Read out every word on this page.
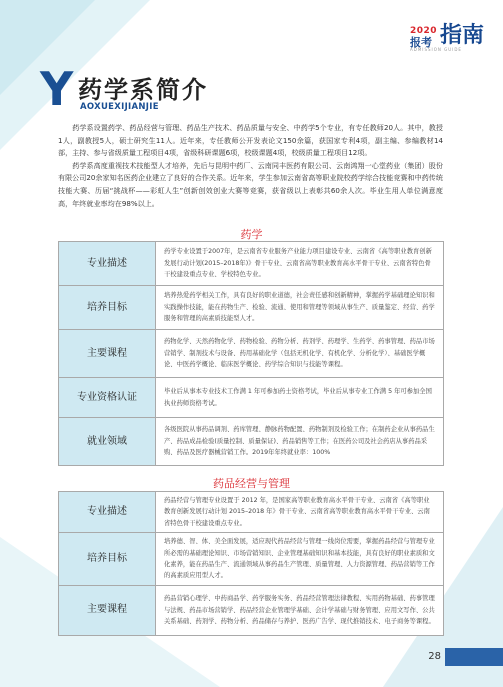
2020
报考 指南
ADMISSION GUIDE
Y 药学系简介
AOXUEXIJIANJIE

药学系设置药学、药品经营与管理、药品生产技术、药品质量与安全、中药学5个专业，有专任教师20人。其中，教授1人，副教授5人，硕士研究生11人。近年来，专任教师公开发表论文150余篇，获国家专利4项，副主编、参编教材14部，主持、参与省级质量工程项目4项，省级科研课题6项，校级课题4项，校级质量工程项目12项。

药学系高度重视技术技能型人才培养，先后与昆明中药厂、云南同丰医药有限公司、云南鸿翔一心堂药业（集团）股份有限公司20余家知名医药企业建立了良好的合作关系。近年来，学生参加云南省高等职业院校药学综合技能竞赛和中药传统技能大赛、历届“挑战杯——彩虹人生”创新创效创业大赛等竞赛，获省级以上表彰共60余人次。毕业生用人单位满意度高，年终就业率均在98%以上。

药学
专业描述	药学专业设置于2007年，是云南省专业服务产业能力项目建设专业、云南省《高等职业教育创新发展行动计划(2015–2018年)》骨干专业、云南省高等职业教育高水平骨干专业、云南省特色骨干校建设重点专业、学校特色专业。
培养目标	培养热爱药学相关工作，具有良好的职业道德，社会责任感和创新精神，掌握药学基础理论知识和实践操作技能，能在药物生产、检验、流通、使用和管理等领域从事生产、质量鉴定、经营、药学服务和管理的高素质技能型人才。
主要课程	药物化学、天然药物化学、药物检验、药物分析、药剂学、药理学、生药学、药事管理、药品市场营销学、制剂技术与设备、药用基础化学（包括无机化学、有机化学、分析化学）、基础医学概论、中医药学概论、临床医学概论、药学综合知识与技能等课程。
专业资格认证	毕业后从事本专业技术工作满 1 年可参加药士资格考试，毕业后从事专业工作满 5 年可参加全国执业药师资格考试。
就业领域	各级医院从事药品调剂、药库管理、静脉药物配置、药物制剂及检验工作；在制药企业从事药品生产、药品成品检验(质量控制、质量保证)、药品销售等工作；在医药公司及社会药店从事药品采购、药品及医疗器械营销工作。2019年年终就业率：100%
药品经营与管理
专业描述	药品经营与管理专业设置于 2012 年，是国家高等职业教育高水平骨干专业、云南省《高等职业教育创新发展行动计划 2015–2018 年》骨干专业、云南省高等职业教育高水平骨干专业、云南省特色骨干校建设重点专业。
培养目标	培养德、智、体、美全面发展，适应现代药品经营与管理一线岗位需要，掌握药品经营与管理专业所必需的基础理论知识、市场营销知识、企业管理基础知识和基本技能，具有良好的职业素质和文化素养，能在药品生产、流通领域从事药品生产管理、质量管理、人力资源管理、药品营销等工作的高素质应用型人才。
主要课程	药品营销心理学、中药商品学、药学服务实务、药品经营管理法律教程、实用药物基础、药事管理与法规、药品市场营销学、药品经营企业管理学基础、会计学基础与财务管理、应用文写作、公共关系基础、药剂学、药物分析、药品储存与养护、医药广告学、现代推销技术、电子商务等课程。
28
